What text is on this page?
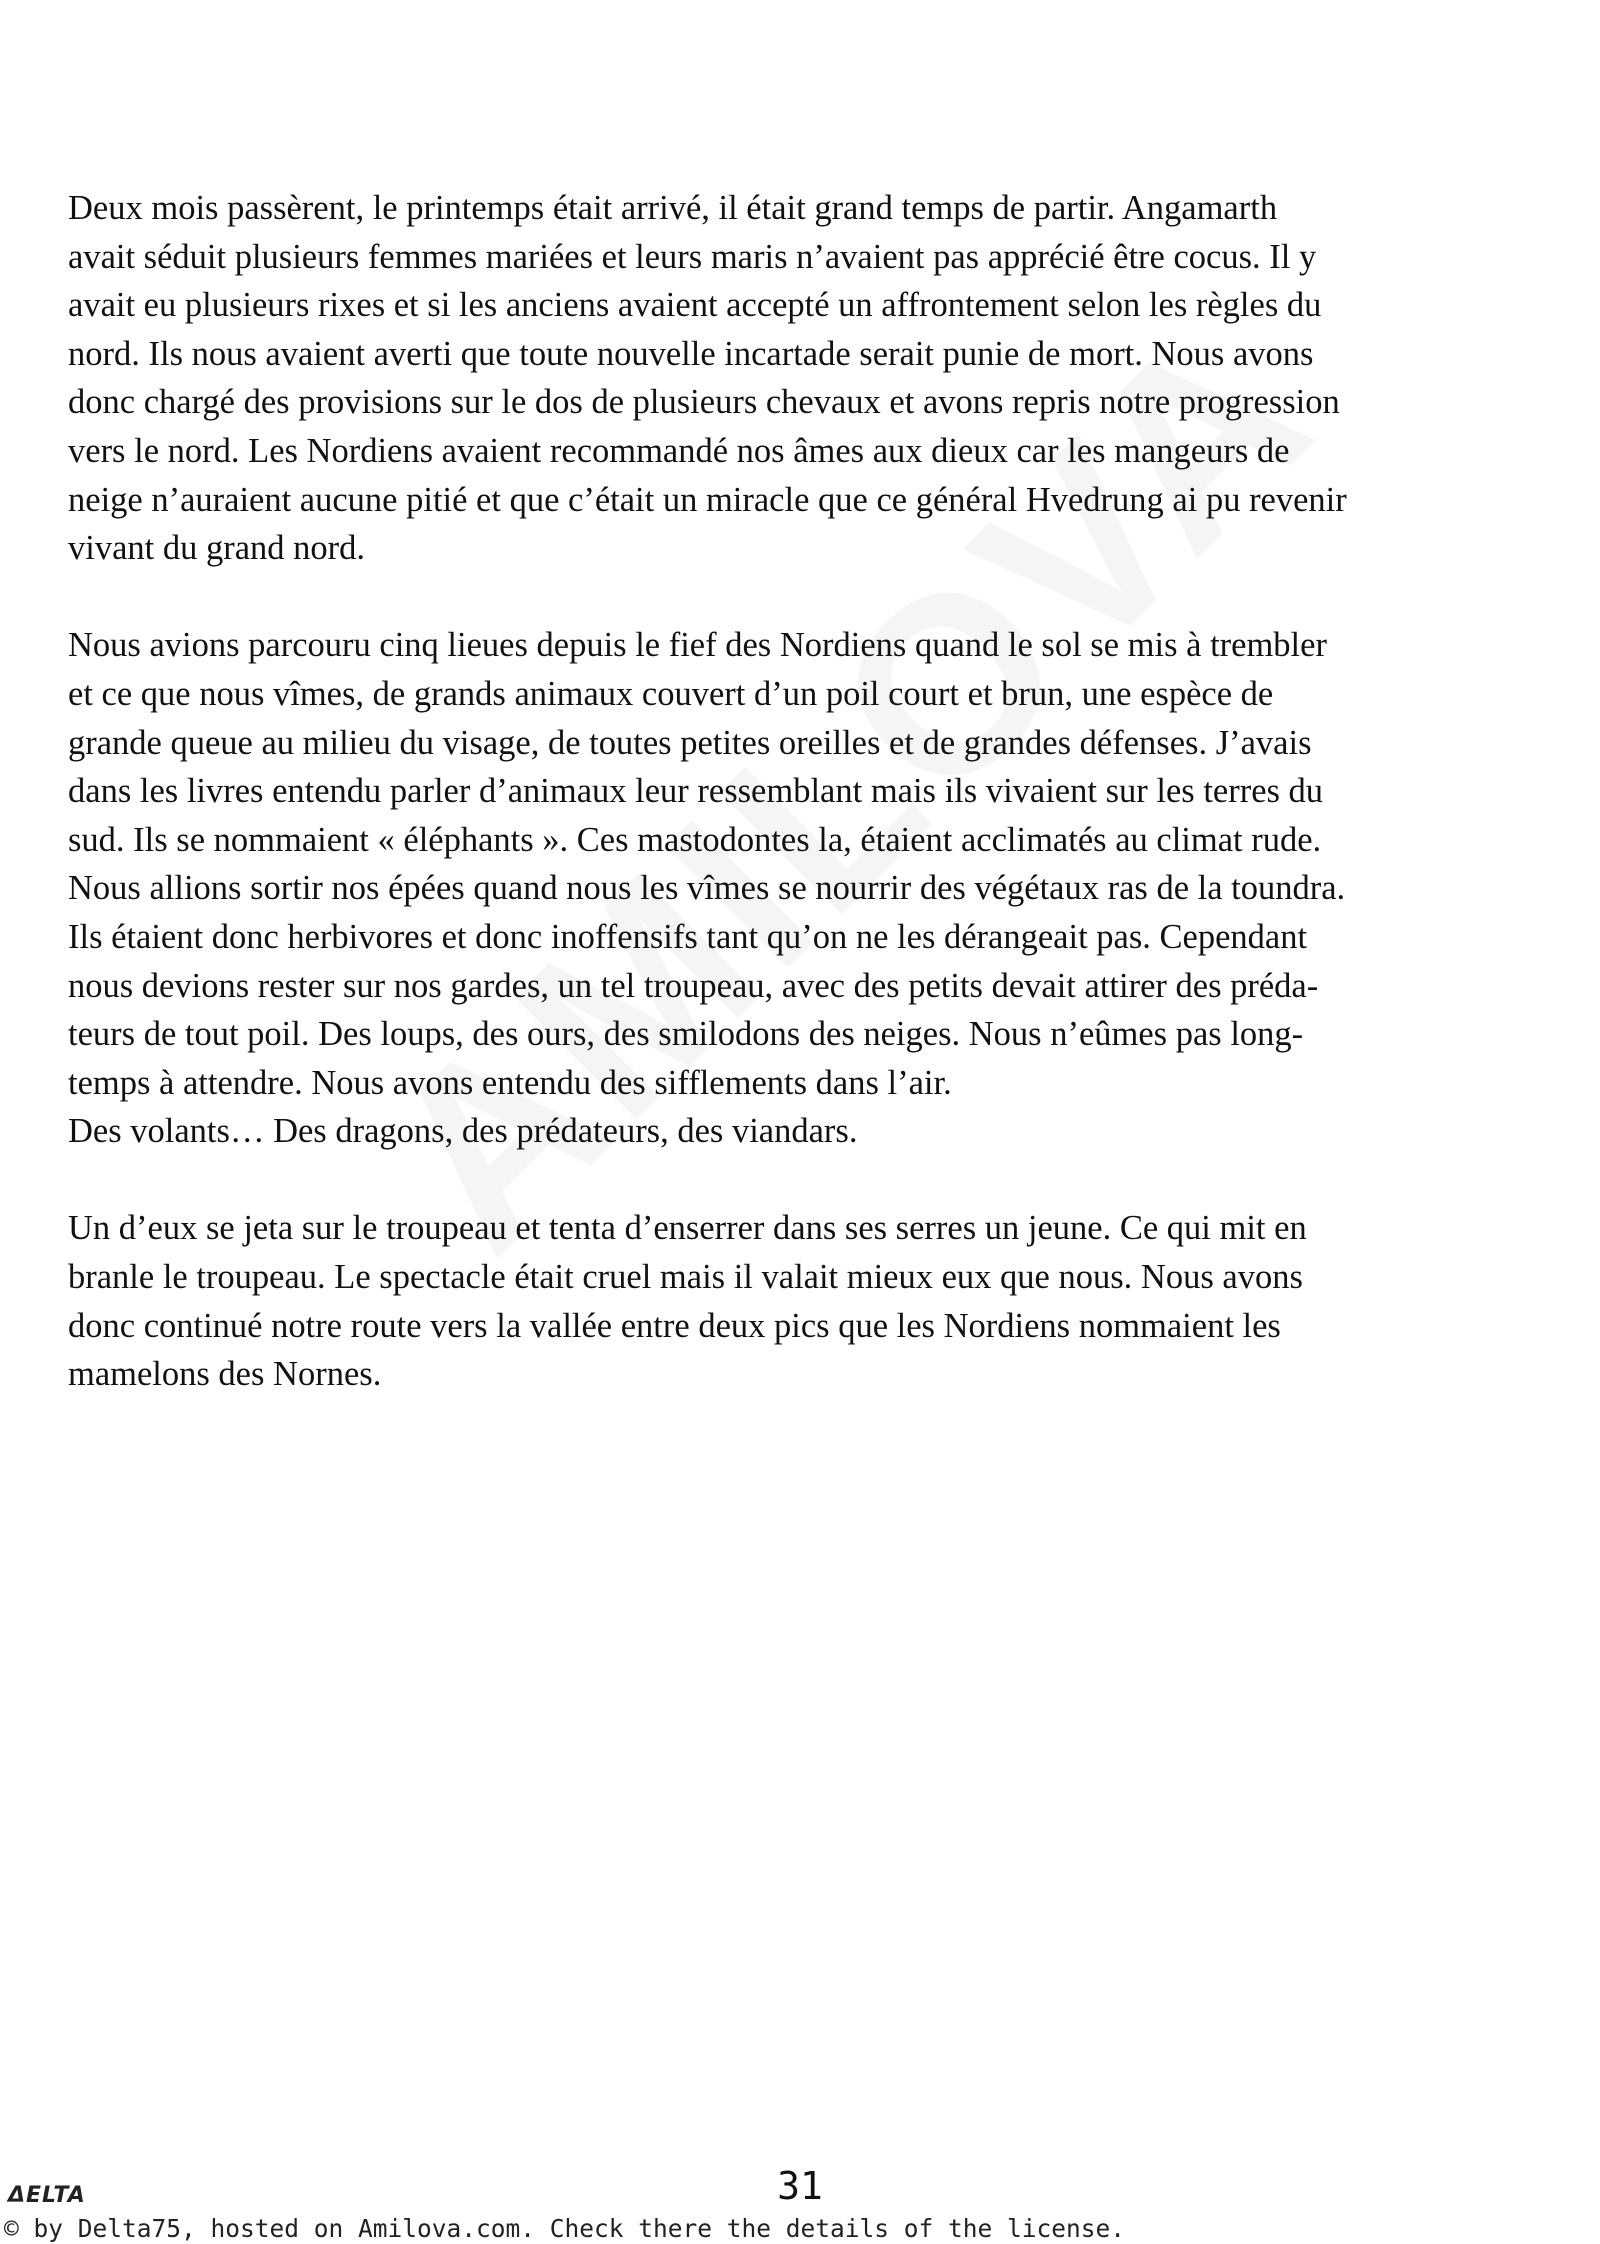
Deux mois passèrent, le printemps était arrivé, il était grand temps de partir. Angamarth
avait séduit plusieurs femmes mariées et leurs maris n’avaient pas apprécié être cocus. Il y
avait eu plusieurs rixes et si les anciens avaient accepté un affrontement selon les règles du
nord. Ils nous avaient averti que toute nouvelle incartade serait punie de mort. Nous avons
donc chargé des provisions sur le dos de plusieurs chevaux et avons repris notre progression
vers le nord. Les Nordiens avaient recommandé nos âmes aux dieux car les mangeurs de
neige n’auraient aucune pitié et que c’était un miracle que ce général Hvedrung ai pu revenir
vivant du grand nord.

Nous avions parcouru cinq lieues depuis le fief des Nordiens quand le sol se mis à trembler
et ce que nous vîmes, de grands animaux couvert d’un poil court et brun, une espèce de
grande queue au milieu du visage, de toutes petites oreilles et de grandes défenses. J’avais
dans les livres entendu parler d’animaux leur ressemblant mais ils vivaient sur les terres du
sud. Ils se nommaient « éléphants ». Ces mastodontes la, étaient acclimatés au climat rude.
Nous allions sortir nos épées quand nous les vîmes se nourrir des végétaux ras de la toundra.
Ils étaient donc herbivores et donc inoffensifs tant qu’on ne les dérangeait pas. Cependant
nous devions rester sur nos gardes, un tel troupeau, avec des petits devait attirer des préda-
teurs de tout poil. Des loups, des ours, des smilodons des neiges. Nous n’eûmes pas long-
temps à attendre. Nous avons entendu des sifflements dans l’air.
Des volants… Des dragons, des prédateurs, des viandars.

Un d’eux se jeta sur le troupeau et tenta d’enserrer dans ses serres un jeune. Ce qui mit en
branle le troupeau. Le spectacle était cruel mais il valait mieux eux que nous. Nous avons
donc continué notre route vers la vallée entre deux pics que les Nordiens nommaient les
mamelons des Nornes.

ΔELTA	31
© by Delta75, hosted on Amilova.com. Check there the details of the license.
